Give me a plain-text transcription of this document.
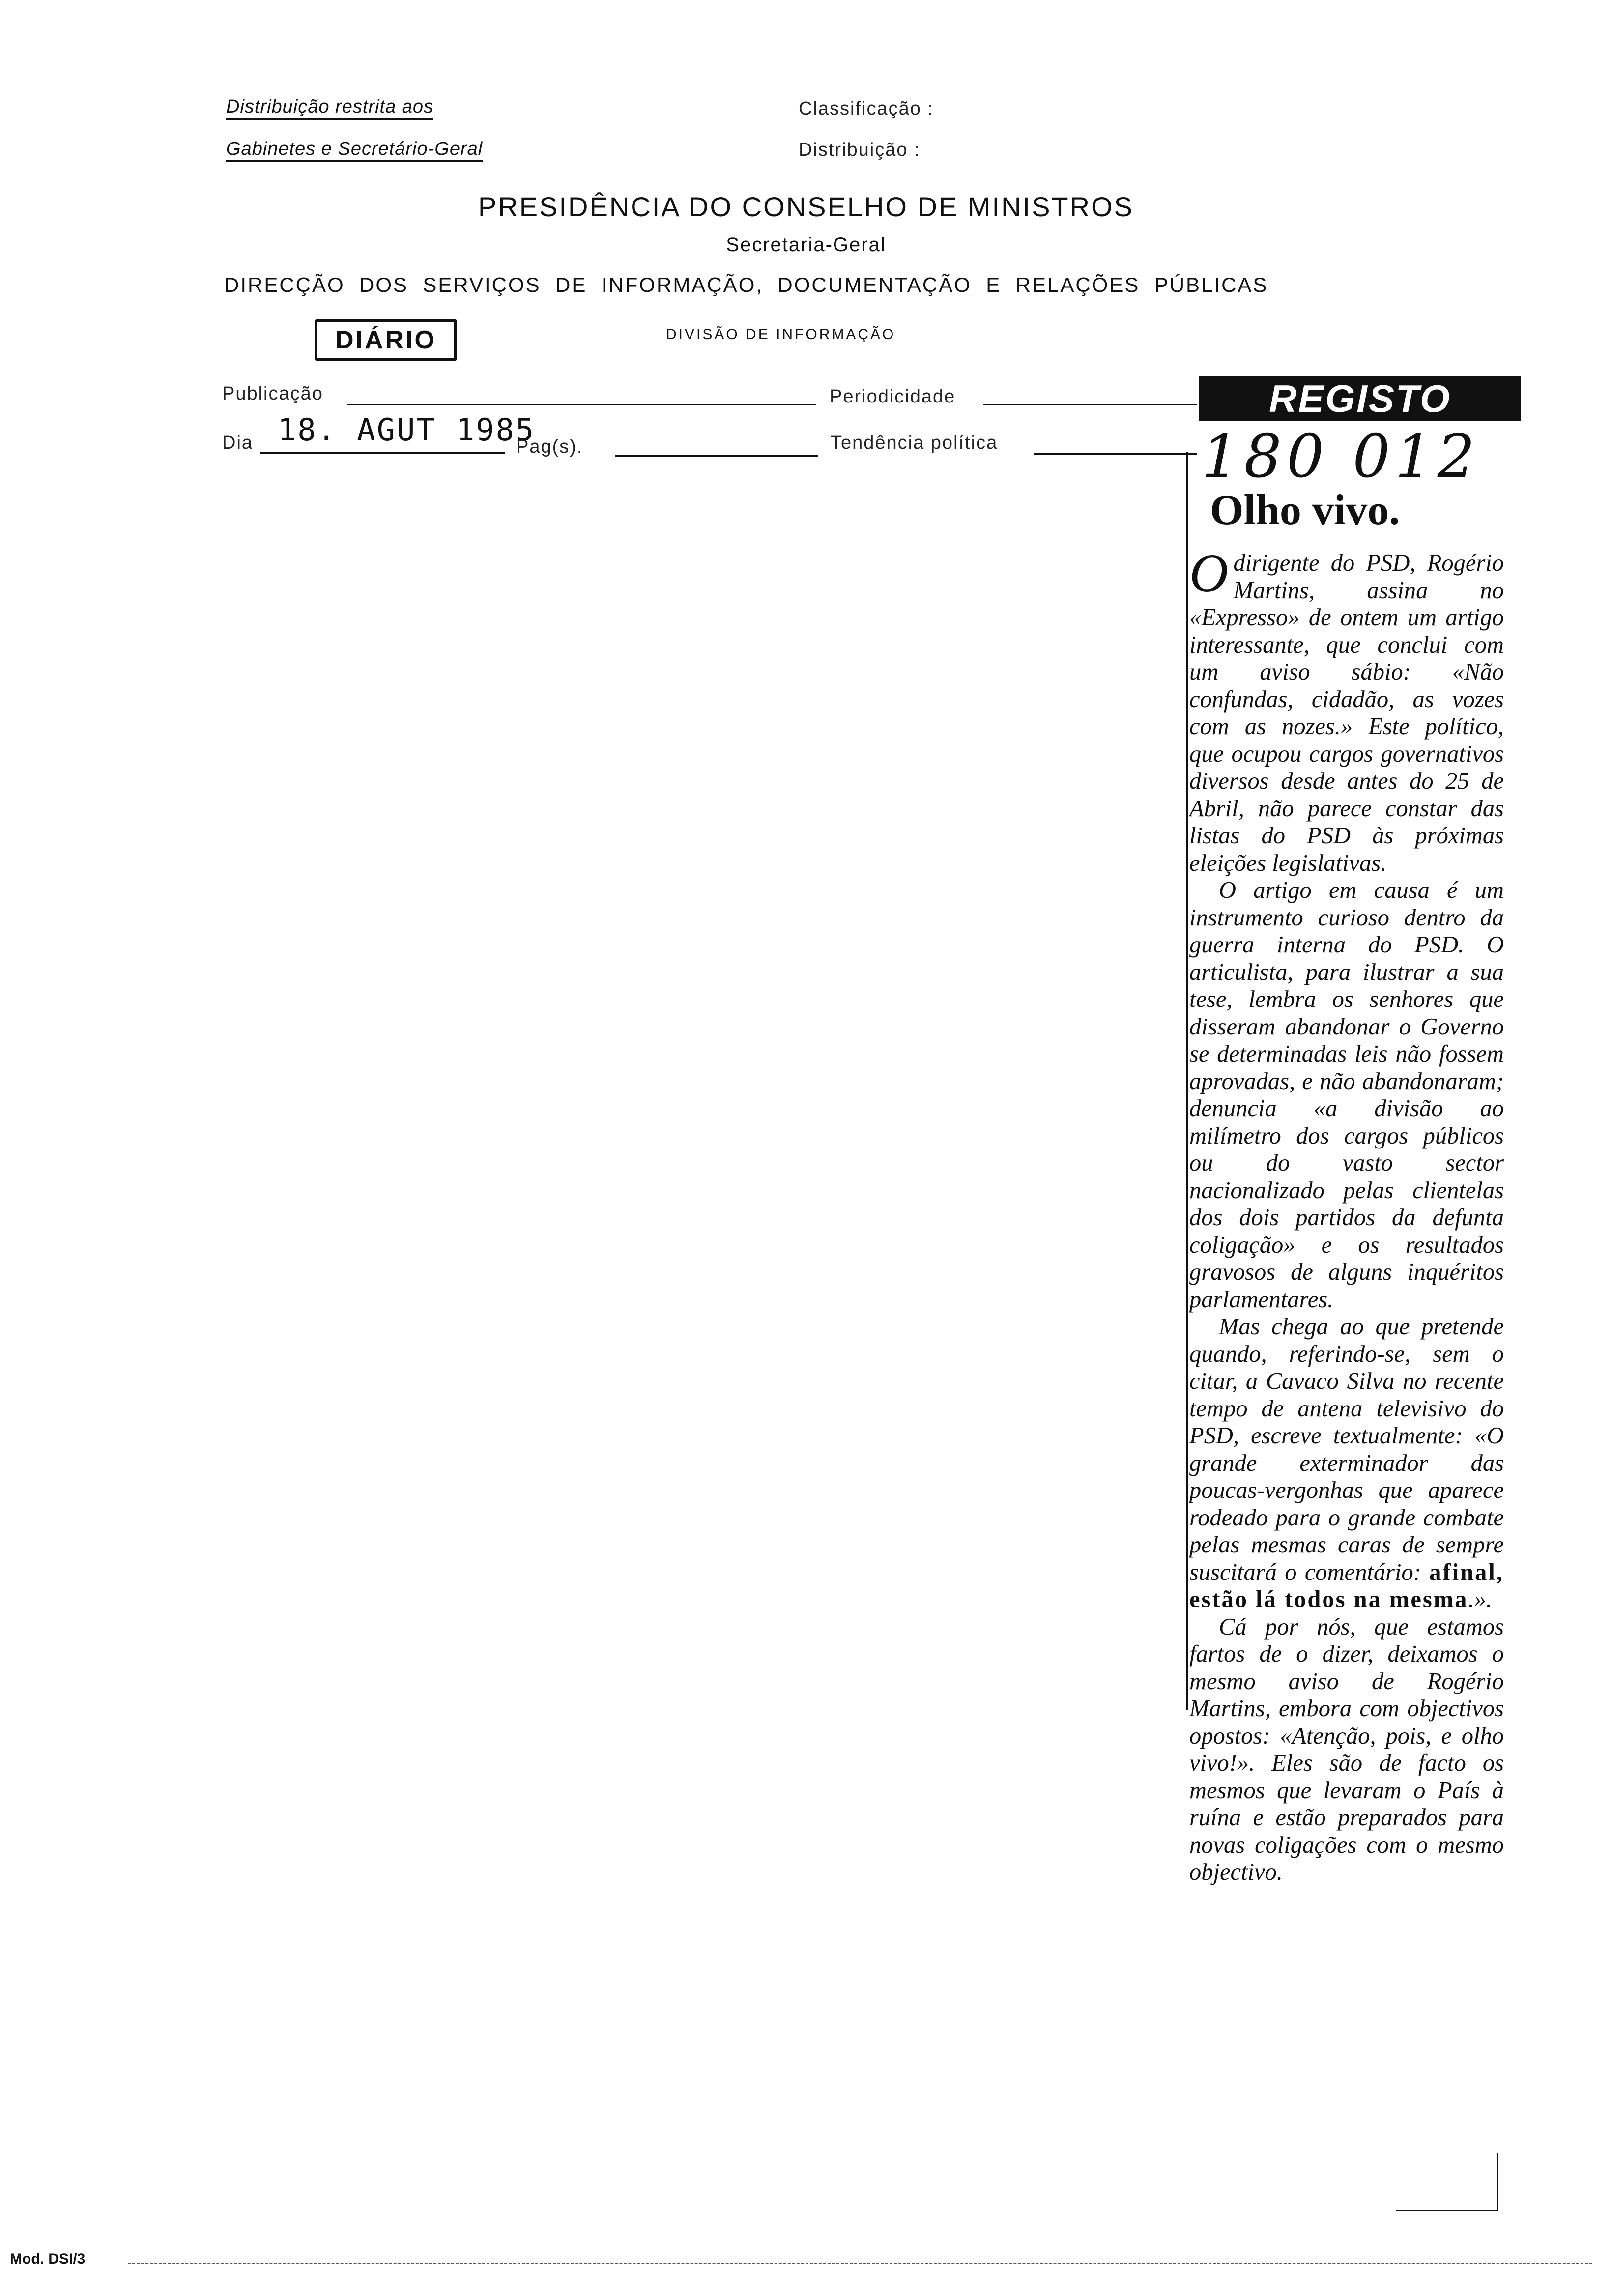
Distribuição restrita aos
Gabinetes e Secretário-Geral
Classificação :
Distribuição :
PRESIDÊNCIA DO CONSELHO DE MINISTROS
Secretaria-Geral
DIRECÇÃO  DOS  SERVIÇOS  DE  INFORMAÇÃO,  DOCUMENTAÇÃO  E  RELAÇÕES  PÚBLICAS
DIÁRIO	DIVISÃO DE INFORMAÇÃO
Publicação	Periodicidade
Dia 18. AGUT 1985
Pag(s).	Tendência política
REGISTO
180 012
Olho vivo.

O dirigente do PSD, Rogério Martins, assina no «Expresso» de ontem um artigo interessante, que conclui com um aviso sábio: «Não confundas, cidadão, as vozes com as nozes.» Este político, que ocupou cargos governativos diversos desde antes do 25 de Abril, não parece constar das listas do PSD às próximas eleições legislativas.

O artigo em causa é um instrumento curioso dentro da guerra interna do PSD. O articulista, para ilustrar a sua tese, lembra os senhores que disseram abandonar o Governo se determinadas leis não fossem aprovadas, e não abandonaram; denuncia «a divisão ao milímetro dos cargos públicos ou do vasto sector nacionalizado pelas clientelas dos dois partidos da defunta coligação» e os resultados gravosos de alguns inquéritos parlamentares.

Mas chega ao que pretende quando, referindo-se, sem o citar, a Cavaco Silva no recente tempo de antena televisivo do PSD, escreve textualmente: «O grande exterminador das poucas-vergonhas que aparece rodeado para o grande combate pelas mesmas caras de sempre suscitará o comentário: afinal, estão lá todos na mesma.».

Cá por nós, que estamos fartos de o dizer, deixamos o mesmo aviso de Rogério Martins, embora com objectivos opostos: «Atenção, pois, e olho vivo!». Eles são de facto os mesmos que levaram o País à ruína e estão preparados para novas coligações com o mesmo objectivo.

Mod. DSI/3
